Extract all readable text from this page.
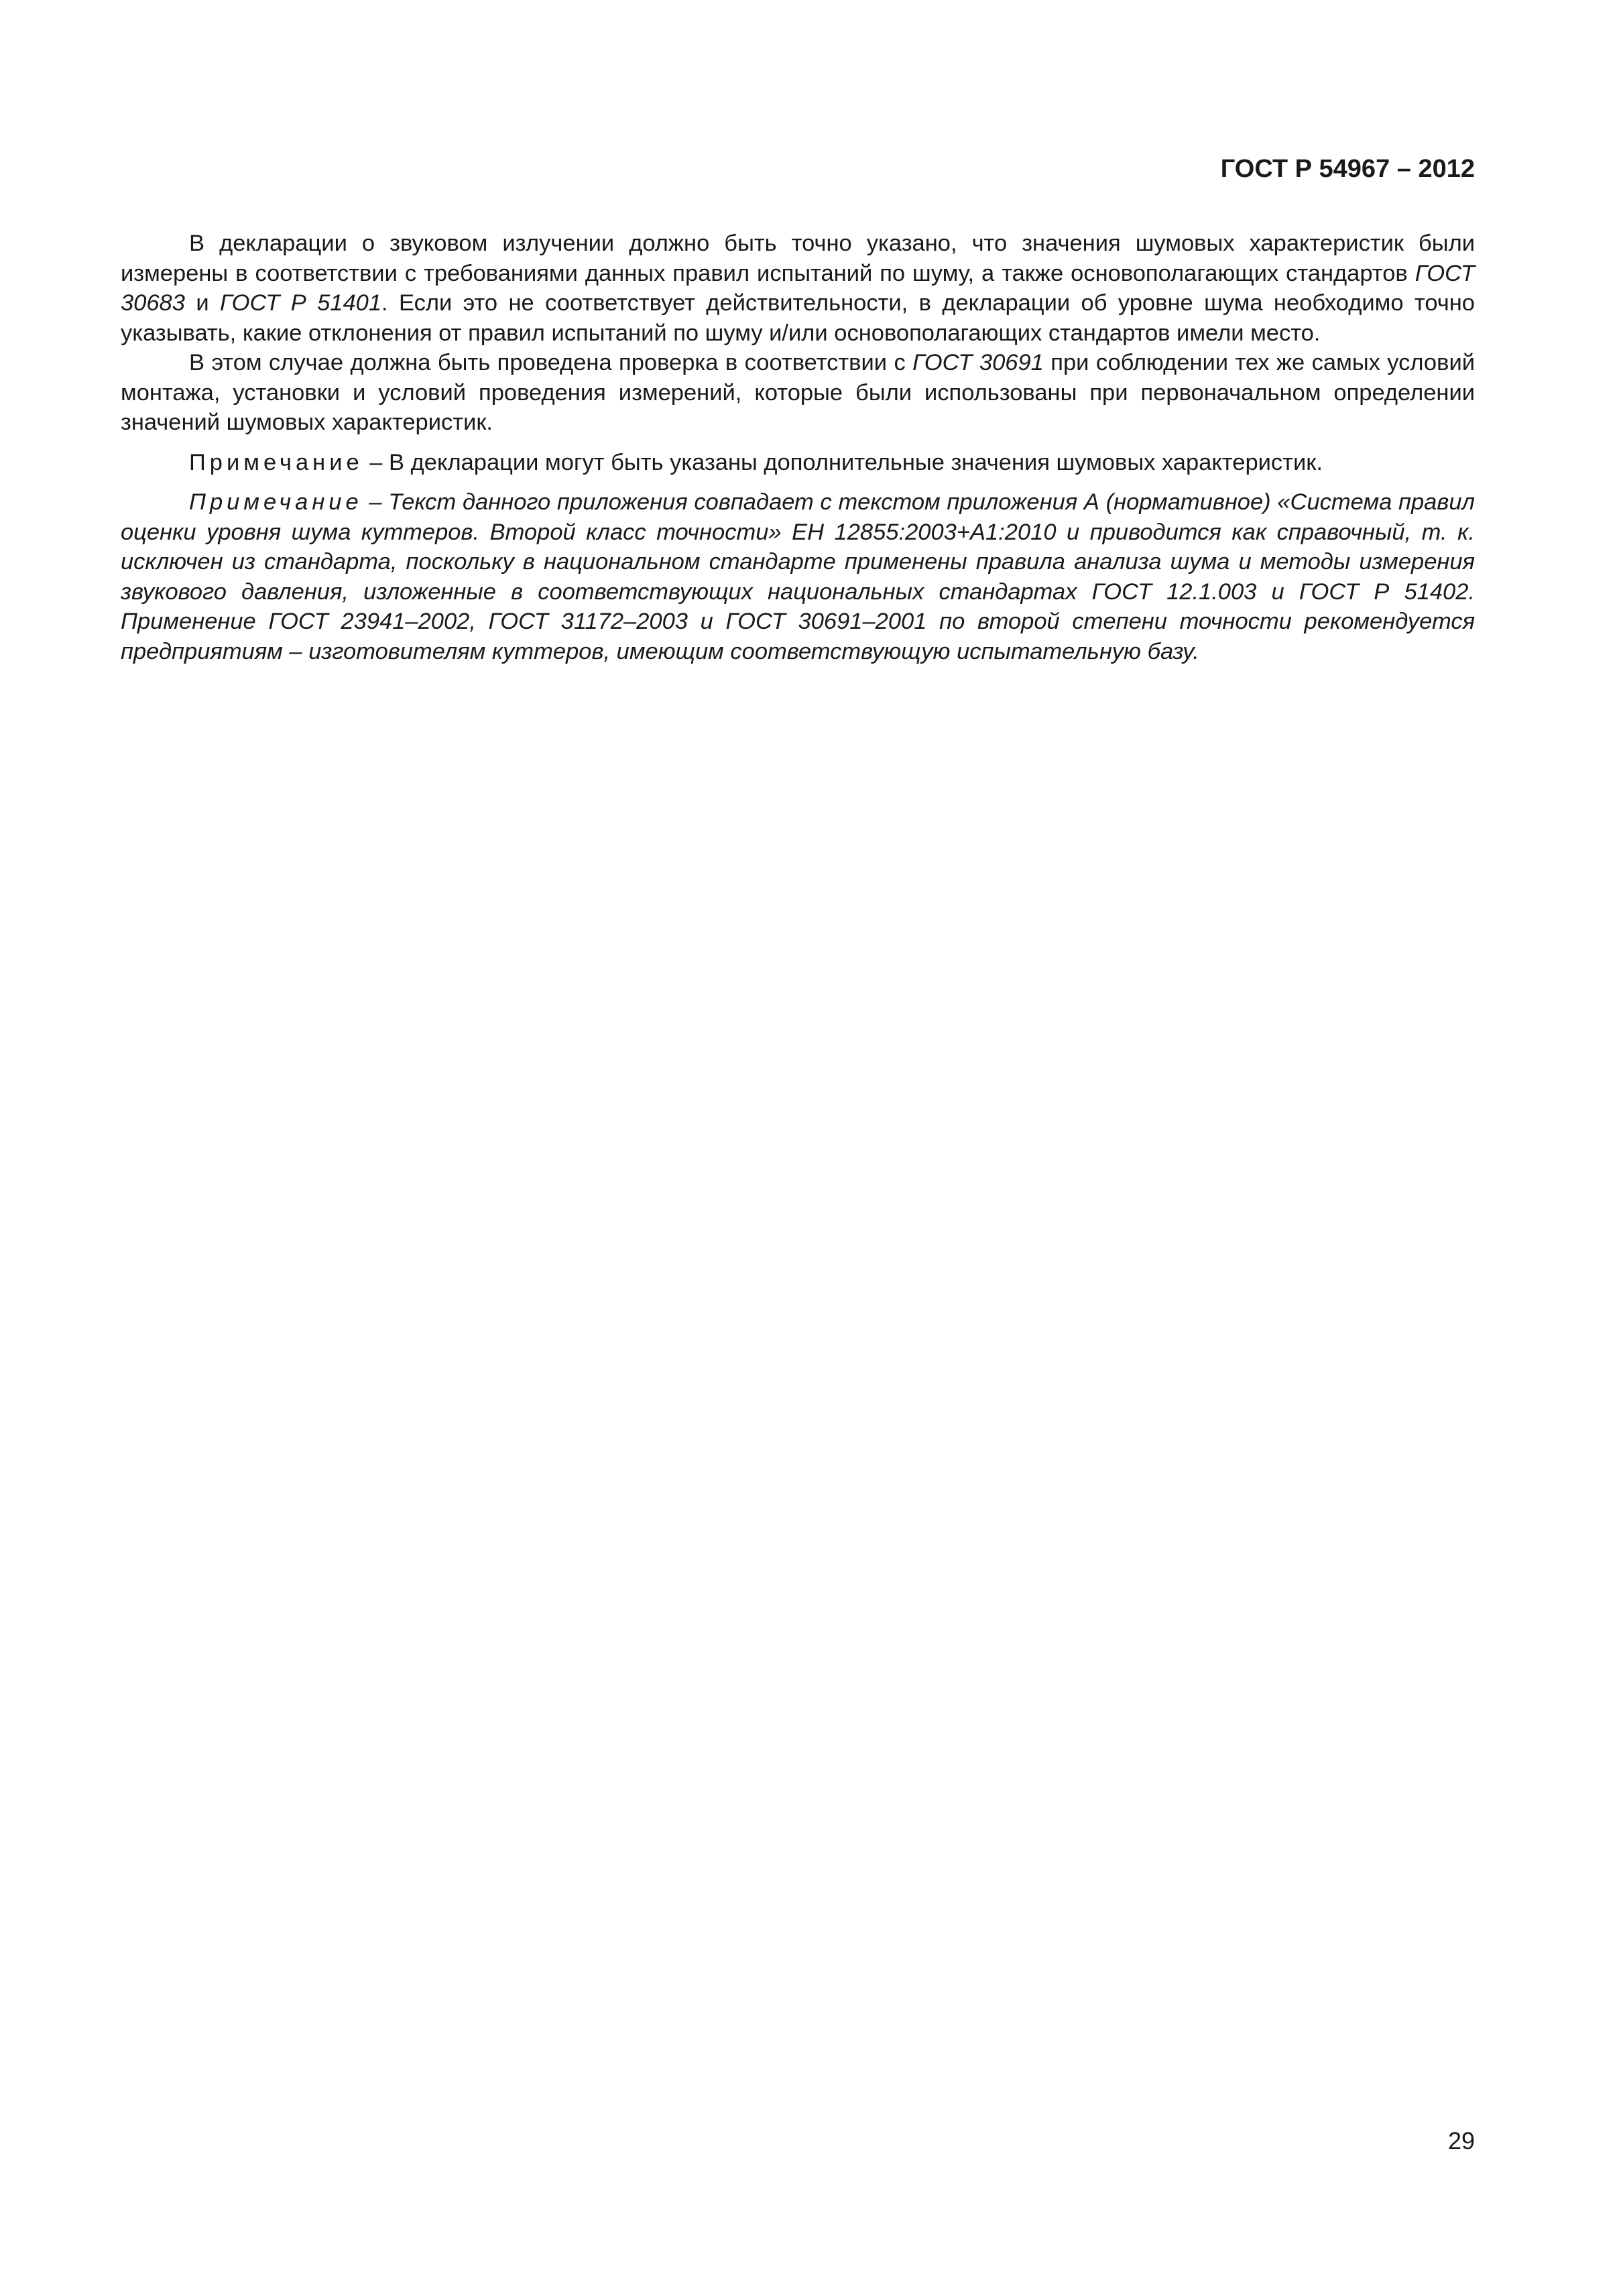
ГОСТ Р 54967 – 2012

В декларации о звуковом излучении должно быть точно указано, что значения шумовых характеристик были измерены в соответствии с требованиями данных правил испытаний по шуму, а также основополагающих стандартов ГОСТ 30683 и ГОСТ Р 51401. Если это не соответствует действительности, в декларации об уровне шума необходимо точно указывать, какие отклонения от правил испытаний по шуму и/или основополагающих стандартов имели место.

В этом случае должна быть проведена проверка в соответствии с ГОСТ 30691 при соблюдении тех же самых условий монтажа, установки и условий проведения измерений, которые были использованы при первоначальном определении значений шумовых характеристик.

Примечание – В декларации могут быть указаны дополнительные значения шумовых характеристик.

Примечание – Текст данного приложения совпадает с текстом приложения А (нормативное) «Система правил оценки уровня шума куттеров. Второй класс точности» ЕН 12855:2003+А1:2010 и приводится как справочный, т. к. исключен из стандарта, поскольку в национальном стандарте применены правила анализа шума и методы измерения звукового давления, изложенные в соответствующих национальных стандартах ГОСТ 12.1.003 и ГОСТ Р 51402. Применение ГОСТ 23941–2002, ГОСТ 31172–2003 и ГОСТ 30691–2001 по второй степени точности рекомендуется предприятиям – изготовителям куттеров, имеющим соответствующую испытательную базу.

29
